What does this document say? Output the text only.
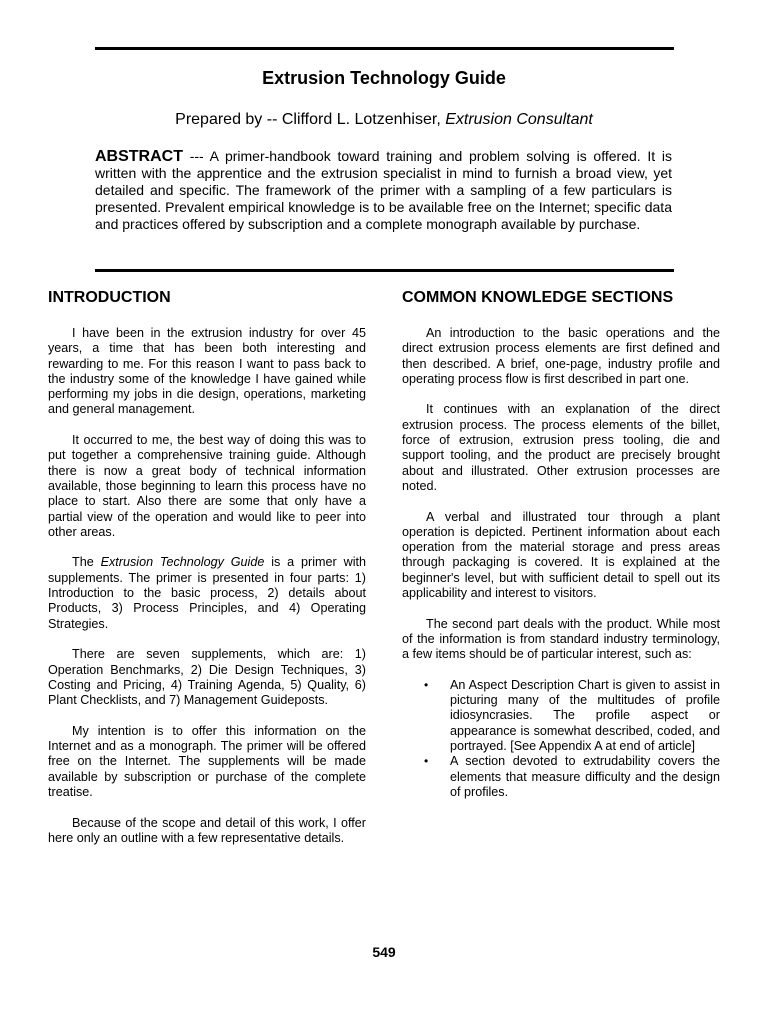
Extrusion Technology Guide
Prepared by -- Clifford L. Lotzenhiser, Extrusion Consultant

ABSTRACT --- A primer-handbook toward training and problem solving is offered. It is written with the apprentice and the extrusion specialist in mind to furnish a broad view, yet detailed and specific. The framework of the primer with a sampling of a few particulars is presented. Prevalent empirical knowledge is to be available free on the Internet; specific data and practices offered by subscription and a complete monograph available by purchase.

INTRODUCTION

I have been in the extrusion industry for over 45 years, a time that has been both interesting and rewarding to me. For this reason I want to pass back to the industry some of the knowledge I have gained while performing my jobs in die design, operations, marketing and general management.

It occurred to me, the best way of doing this was to put together a comprehensive training guide. Although there is now a great body of technical information available, those beginning to learn this process have no place to start. Also there are some that only have a partial view of the operation and would like to peer into other areas.

The Extrusion Technology Guide is a primer with supplements. The primer is presented in four parts: 1) Introduction to the basic process, 2) details about Products, 3) Process Principles, and 4) Operating Strategies.

There are seven supplements, which are: 1) Operation Benchmarks, 2) Die Design Techniques, 3) Costing and Pricing, 4) Training Agenda, 5) Quality, 6) Plant Checklists, and 7) Management Guideposts.

My intention is to offer this information on the Internet and as a monograph. The primer will be offered free on the Internet. The supplements will be made available by subscription or purchase of the complete treatise.

Because of the scope and detail of this work, I offer here only an outline with a few representative details.

COMMON KNOWLEDGE SECTIONS

An introduction to the basic operations and the direct extrusion process elements are first defined and then described. A brief, one-page, industry profile and operating process flow is first described in part one.

It continues with an explanation of the direct extrusion process. The process elements of the billet, force of extrusion, extrusion press tooling, die and support tooling, and the product are precisely brought about and illustrated. Other extrusion processes are noted.

A verbal and illustrated tour through a plant operation is depicted. Pertinent information about each operation from the material storage and press areas through packaging is covered. It is explained at the beginner's level, but with sufficient detail to spell out its applicability and interest to visitors.

The second part deals with the product. While most of the information is from standard industry terminology, a few items should be of particular interest, such as:

• An Aspect Description Chart is given to assist in picturing many of the multitudes of profile idiosyncrasies. The profile aspect or appearance is somewhat described, coded, and portrayed. [See Appendix A at end of article]
• A section devoted to extrudability covers the elements that measure difficulty and the design of profiles.
549
